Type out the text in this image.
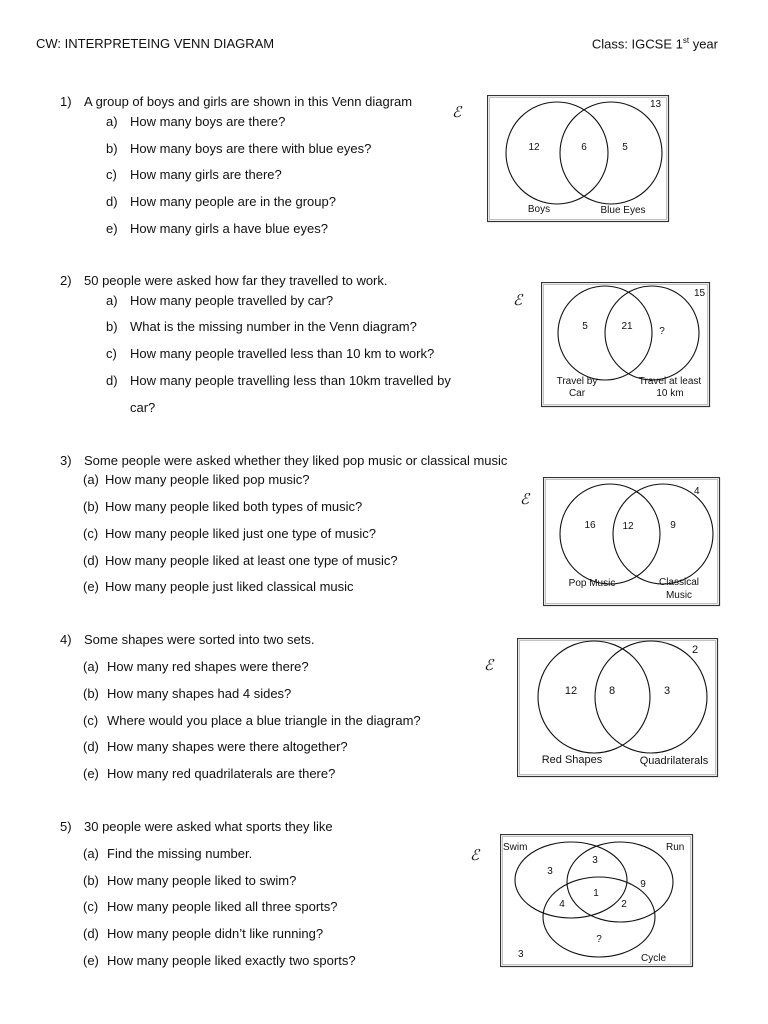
CW: INTERPRETEING VENN DIAGRAM	Class: IGCSE 1st year
1) A group of boys and girls are shown in this Venn diagram
a) How many boys are there?
b) How many boys are there with blue eyes?
c) How many girls are there?
d) How many people are in the group?
e) How many girls a have blue eyes?
ℰ	13
12	6	5
Boys	Blue Eyes
2) 50 people were asked how far they travelled to work.
a) How many people travelled by car?
b) What is the missing number in the Venn diagram?
c) How many people travelled less than 10 km to work?
d) How many people travelling less than 10km travelled by
car?
ℰ	15
5	21	?
Travel by
Car
Travel at least
10 km
3) Some people were asked whether they liked pop music or classical music
(a) How many people liked pop music?
(b) How many people liked both types of music?
(c) How many people liked just one type of music?
(d) How many people liked at least one type of music?
(e) How many people just liked classical music
ℰ	4
16	12	9
Pop Music	Classical
Music
4) Some shapes were sorted into two sets.
(a) How many red shapes were there?
(b) How many shapes had 4 sides?
(c) Where would you place a blue triangle in the diagram?
(d) How many shapes were there altogether?
(e) How many red quadrilaterals are there?
ℰ
2
12	8	3
Red Shapes	Quadrilaterals
5) 30 people were asked what sports they like
(a) Find the missing number.
(b) How many people liked to swim?
(c) How many people liked all three sports?
(d) How many people didn’t like running?
(e) How many people liked exactly two sports?
ℰ Swim	Run
Cycle
3
3
9
1
4	2
?
3
